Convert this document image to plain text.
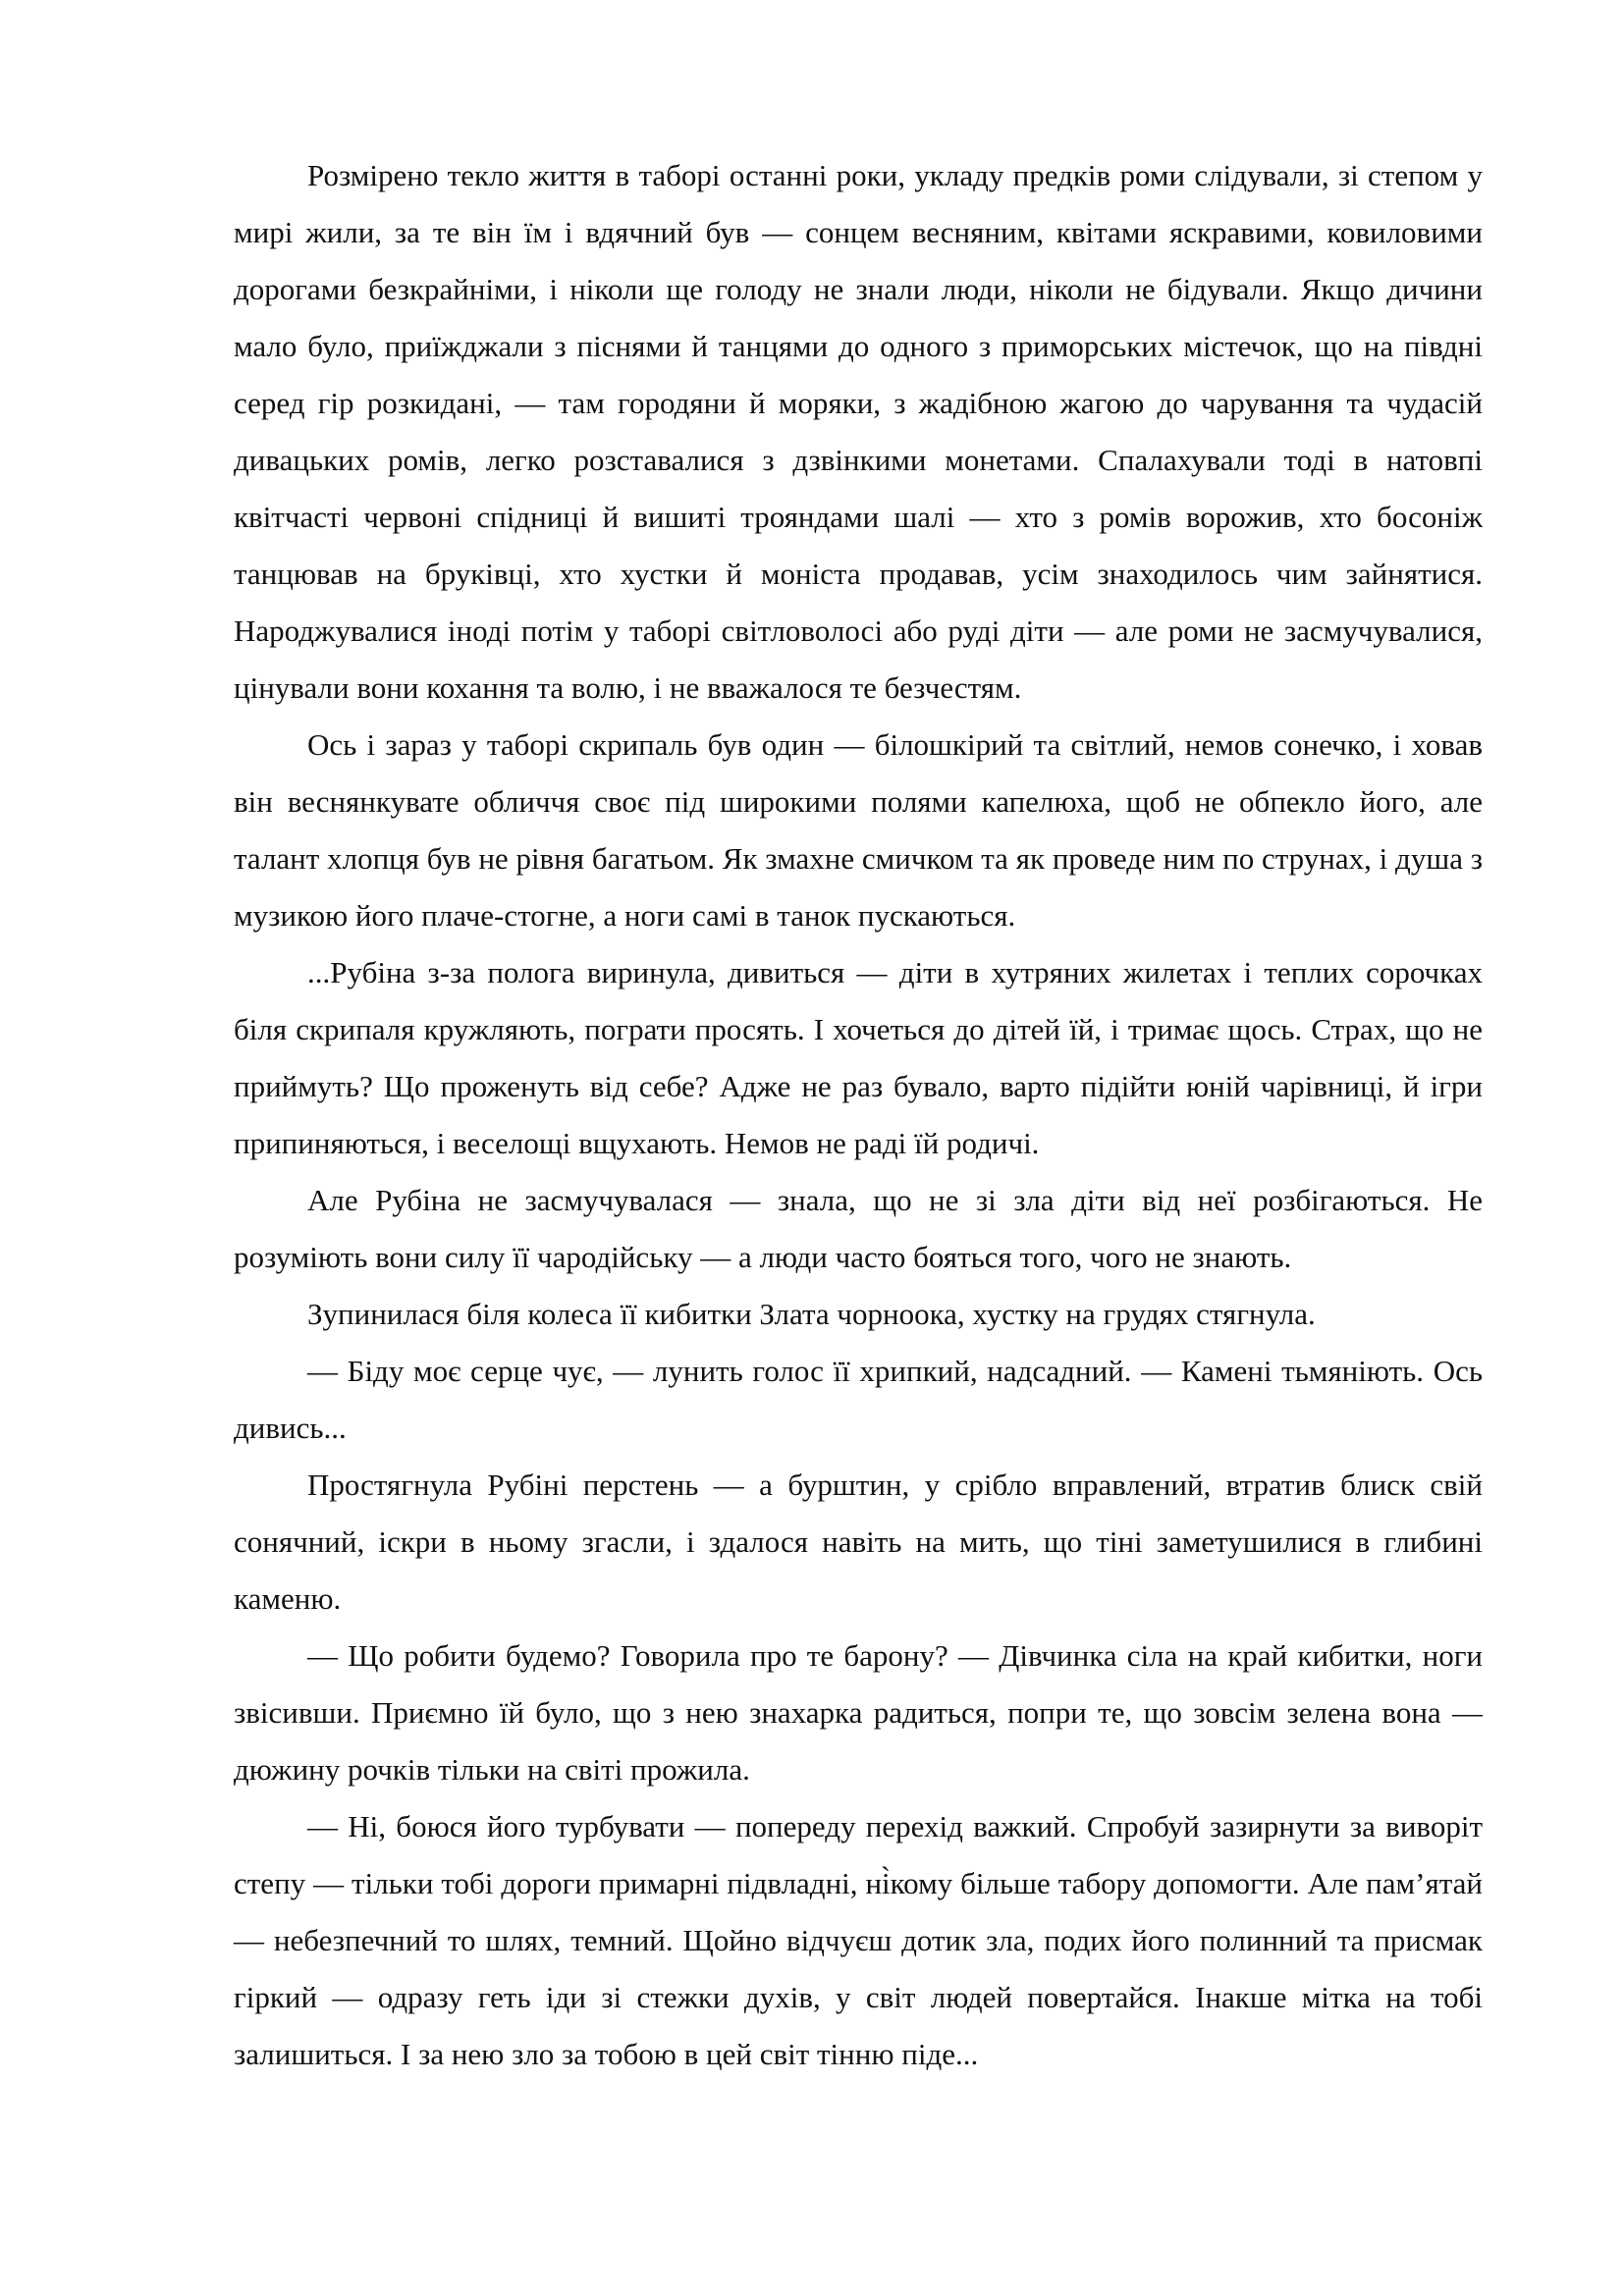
Розмірено текло життя в таборі останні роки, укладу предків роми слідували, зі степом у мирі жили, за те він їм і вдячний був — сонцем весняним, квітами яскравими, ковиловими дорогами безкрайніми, і ніколи ще голоду не знали люди, ніколи не бідували. Якщо дичини мало було, приїжджали з піснями й танцями до одного з приморських містечок, що на півдні серед гір розкидані, — там городяни й моряки, з жадібною жагою до чарування та чудасій дивацьких ромів, легко розставалися з дзвінкими монетами. Спалахували тоді в натовпі квітчасті червоні спідниці й вишиті трояндами шалі — хто з ромів ворожив, хто босоніж танцював на бруківці, хто хустки й моніста продавав, усім знаходилось чим зайнятися. Народжувалися іноді потім у таборі світловолосі або руді діти — але роми не засмучувалися, цінували вони кохання та волю, і не вважалося те безчестям.

Ось і зараз у таборі скрипаль був один — білошкірий та світлий, немов сонечко, і ховав він веснянкувате обличчя своє під широкими полями капелюха, щоб не обпекло його, але талант хлопця був не рівня багатьом. Як змахне смичком та як проведе ним по струнах, і душа з музикою його плаче-стогне, а ноги самі в танок пускаються.

...Рубіна з-за полога виринула, дивиться — діти в хутряних жилетах і теплих сорочках біля скрипаля кружляють, пограти просять. І хочеться до дітей їй, і тримає щось. Страх, що не приймуть? Що проженуть від себе? Адже не раз бувало, варто підійти юній чарівниці, й ігри припиняються, і веселощі вщухають. Немов не раді їй родичі.

Але Рубіна не засмучувалася — знала, що не зі зла діти від неї розбігаються. Не розуміють вони силу її чародійську — а люди часто бояться того, чого не знають.

Зупинилася біля колеса її кибитки Злата чорноока, хустку на грудях стягнула.

— Біду моє серце чує, — лунить голос її хрипкий, надсадний. — Камені тьмяніють. Ось дивись...

Простягнула Рубіні перстень — а бурштин, у срібло вправлений, втратив блиск свій сонячний, іскри в ньому згасли, і здалося навіть на мить, що тіні заметушилися в глибині каменю.

— Що робити будемо? Говорила про те барону? — Дівчинка сіла на край кибитки, ноги звісивши. Приємно їй було, що з нею знахарка радиться, попри те, що зовсім зелена вона — дюжину рочків тільки на світі прожила.

— Ні, боюся його турбувати — попереду перехід важкий. Спробуй зазирнути за виворіт степу — тільки тобі дороги примарні підвладні, ні̀кому більше табору допомогти. Але пам’ятай — небезпечний то шлях, темний. Щойно відчуєш дотик зла, подих його полинний та присмак гіркий — одразу геть іди зі стежки духів, у світ людей повертайся. Інакше мітка на тобі залишиться. І за нею зло за тобою в цей світ тінню піде...
